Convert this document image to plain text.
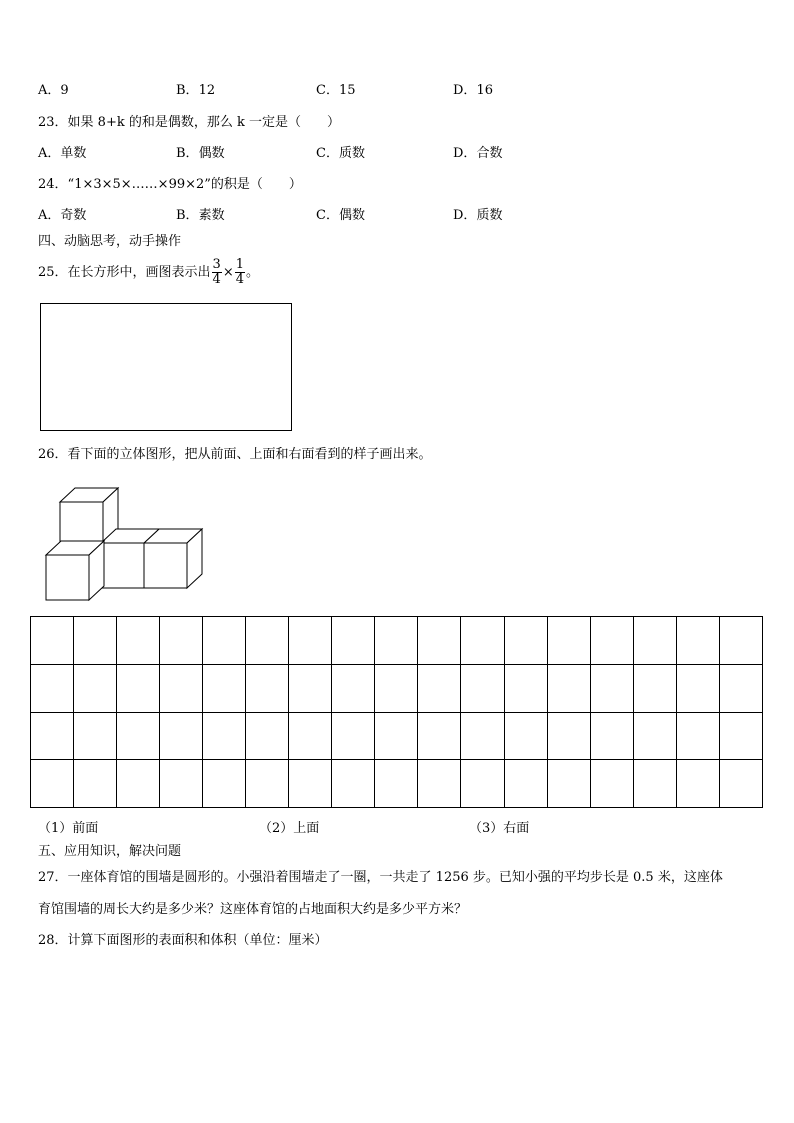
A．9	B．12	C．15	D．16
23．如果 8+k 的和是偶数，那么 k 一定是（　　）
A．单数	B．偶数	C．质数	D．合数
24．“1×3×5×……×99×2”的积是（　　）
A．奇数	B．素数	C．偶数	D．质数
四、动脑思考，动手操作
25．在长方形中，画图表示出 $\frac{3}{4} \times \frac{1}{4}$ 。
26．看下面的立体图形，把从前面、上面和右面看到的样子画出来。

（1）前面	（2）上面	（3）右面
五、应用知识，解决问题
27．一座体育馆的围墙是圆形的。小强沿着围墙走了一圈，一共走了 1256 步。已知小强的平均步长是 0.5 米，这座体
育馆围墙的周长大约是多少米？这座体育馆的占地面积大约是多少平方米？
28．计算下面图形的表面积和体积（单位：厘米）
